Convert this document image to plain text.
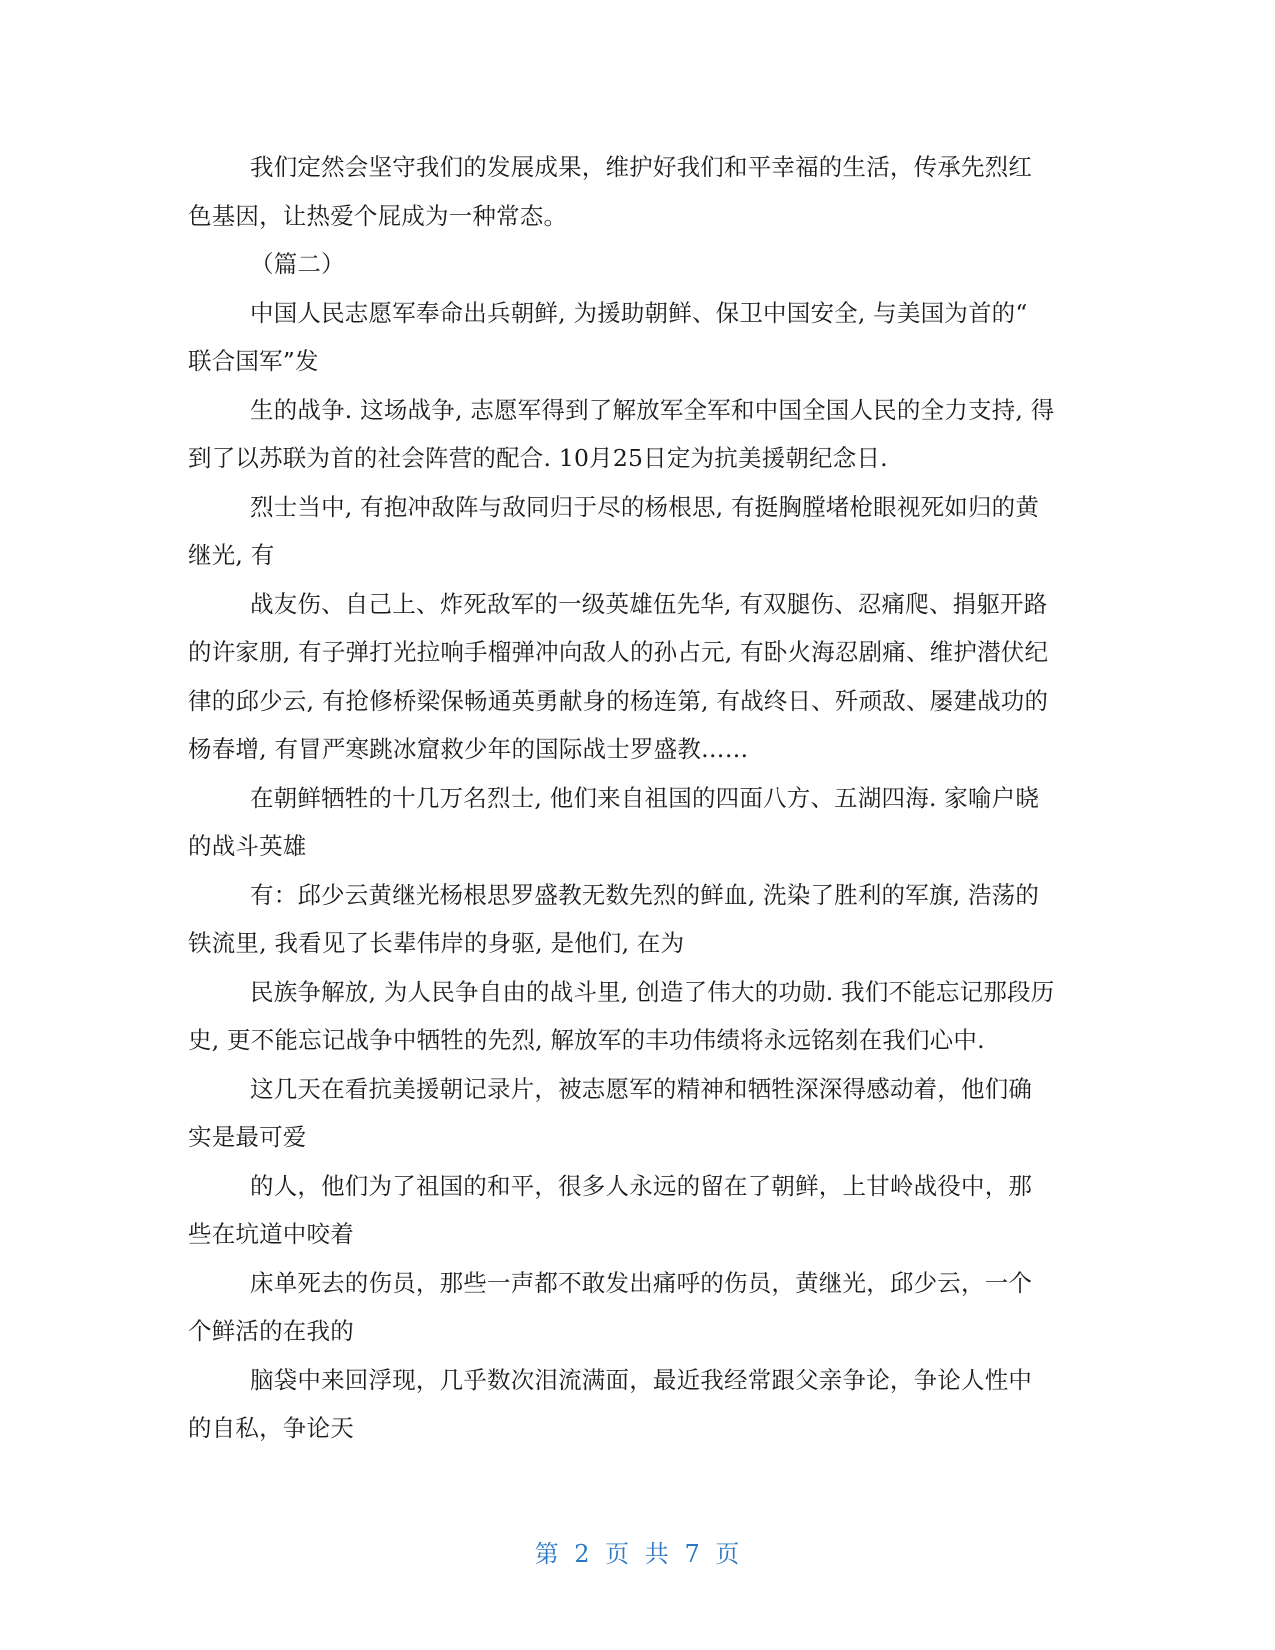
我们定然会坚守我们的发展成果，维护好我们和平幸福的生活，传承先烈红
色基因，让热爱个屁成为一种常态。

（篇二）

中国人民志愿军奉命出兵朝鲜, 为援助朝鲜、保卫中国安全, 与美国为首的“
联合国军”发

生的战争. 这场战争, 志愿军得到了解放军全军和中国全国人民的全力支持, 得
到了以苏联为首的社会阵营的配合. 10月25日定为抗美援朝纪念日.

烈士当中, 有抱冲敌阵与敌同归于尽的杨根思, 有挺胸膛堵枪眼视死如归的黄
继光, 有

战友伤、自己上、炸死敌军的一级英雄伍先华, 有双腿伤、忍痛爬、捐躯开路
的许家朋, 有子弹打光拉响手榴弹冲向敌人的孙占元, 有卧火海忍剧痛、维护潜伏纪
律的邱少云, 有抢修桥梁保畅通英勇献身的杨连第, 有战终日、歼顽敌、屡建战功的
杨春增, 有冒严寒跳冰窟救少年的国际战士罗盛教……

在朝鲜牺牲的十几万名烈士, 他们来自祖国的四面八方、五湖四海. 家喻户晓
的战斗英雄

有：邱少云黄继光杨根思罗盛教无数先烈的鲜血, 洗染了胜利的军旗, 浩荡的
铁流里, 我看见了长辈伟岸的身驱, 是他们, 在为

民族争解放, 为人民争自由的战斗里, 创造了伟大的功勋. 我们不能忘记那段历
史, 更不能忘记战争中牺牲的先烈, 解放军的丰功伟绩将永远铭刻在我们心中.

这几天在看抗美援朝记录片，被志愿军的精神和牺牲深深得感动着，他们确
实是最可爱

的人，他们为了祖国的和平，很多人永远的留在了朝鲜，上甘岭战役中，那
些在坑道中咬着

床单死去的伤员，那些一声都不敢发出痛呼的伤员，黄继光，邱少云，一个
个鲜活的在我的

脑袋中来回浮现，几乎数次泪流满面，最近我经常跟父亲争论，争论人性中
的自私，争论天

第 2 页 共 7 页
